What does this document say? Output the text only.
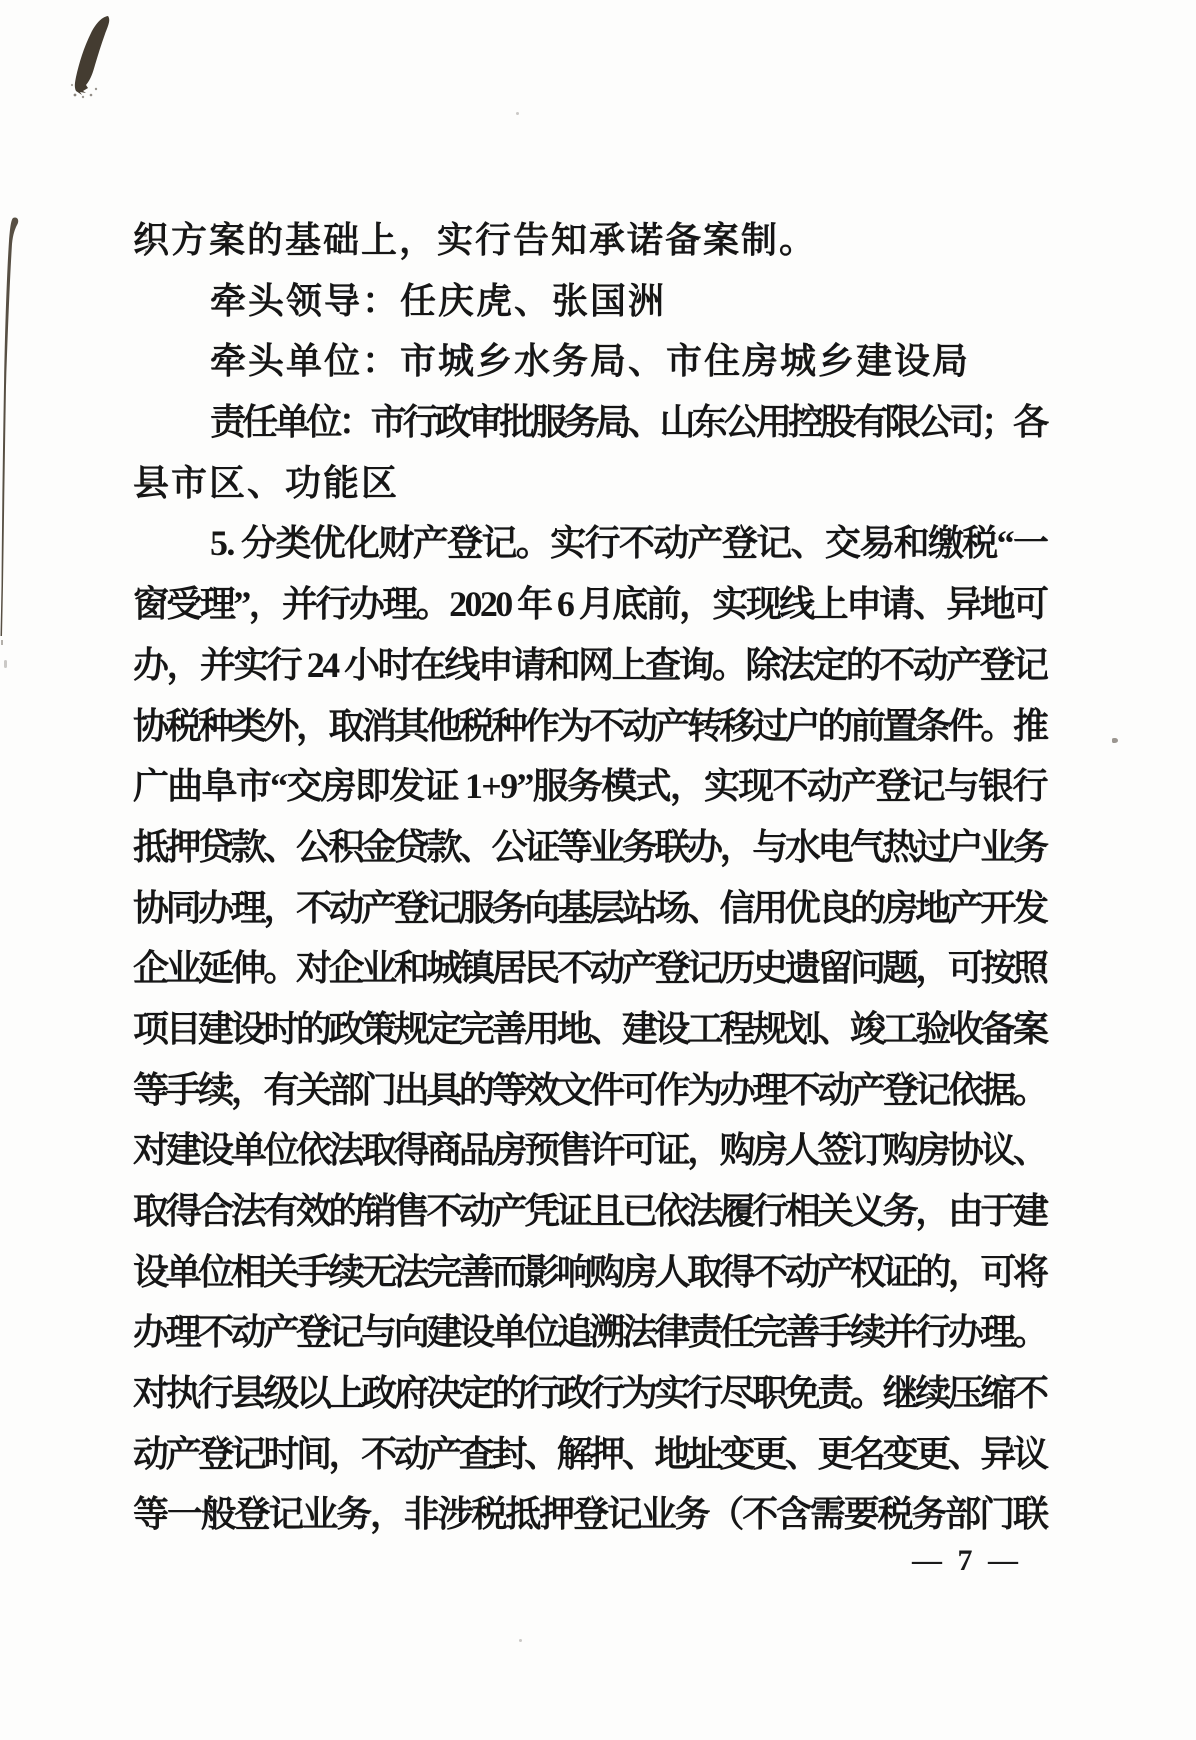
织方案的基础上，实行告知承诺备案制。
牵头领导：任庆虎、张国洲
牵头单位：市城乡水务局、市住房城乡建设局
责任单位：市行政审批服务局、山东公用控股有限公司；各
县市区、功能区
5. 分类优化财产登记。实行不动产登记、交易和缴税“一
窗受理”，并行办理。2020 年 6 月底前，实现线上申请、异地可
办，并实行 24 小时在线申请和网上查询。除法定的不动产登记
协税种类外，取消其他税种作为不动产转移过户的前置条件。推
广曲阜市“交房即发证 1+9”服务模式，实现不动产登记与银行
抵押贷款、公积金贷款、公证等业务联办，与水电气热过户业务
协同办理，不动产登记服务向基层站场、信用优良的房地产开发
企业延伸。对企业和城镇居民不动产登记历史遗留问题，可按照
项目建设时的政策规定完善用地、建设工程规划、竣工验收备案
等手续，有关部门出具的等效文件可作为办理不动产登记依据。
对建设单位依法取得商品房预售许可证，购房人签订购房协议、
取得合法有效的销售不动产凭证且已依法履行相关义务，由于建
设单位相关手续无法完善而影响购房人取得不动产权证的，可将
办理不动产登记与向建设单位追溯法律责任完善手续并行办理。
对执行县级以上政府决定的行政行为实行尽职免责。继续压缩不
动产登记时间，不动产查封、解押、地址变更、更名变更、异议
等一般登记业务，非涉税抵押登记业务（不含需要税务部门联
— 7 —
